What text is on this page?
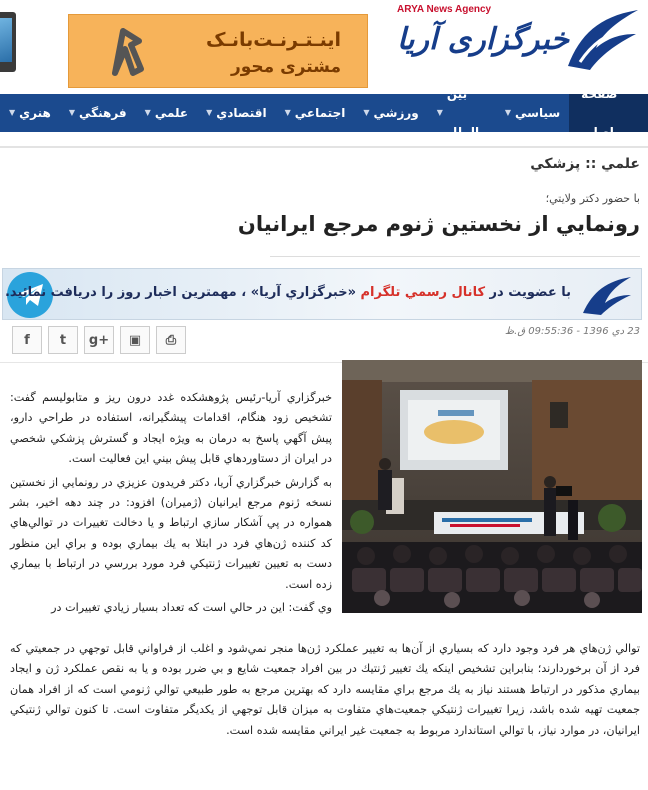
اینـتـرنـت‌بانـک
مشتری محور
ARYA News Agency
خبرگزاری آریا
صفحه اصلی
سياسي
▼
بين الملل
▼
ورزشي
▼
اجتماعي
▼
اقتصادي
▼
علمي
▼
فرهنگي
▼
هنري
▼
علمي :: پزشكي
با حضور دكتر ولايتي؛
رونمايي از نخستين ژنوم مرجع ايرانيان
با عضويت در كانال رسمي تلگرام «خبرگزاري آريا» ، مهمترين اخبار روز را دريافت نمائيد.
f	t	g+	▣	⎙
23 دي 1396 - 09:55:36 ق.ظ

خبرگزاري آريا-رئيس پژوهشكده غدد درون ريز و متابوليسم گفت: تشخيص زود هنگام، اقدامات پيشگيرانه، استفاده در طراحي دارو، پيش آگهي پاسخ به درمان به ويژه ايجاد و گسترش پزشكي شخصي در ايران از دستاوردهاي قابل پيش بيني اين فعاليت است.

به گزارش خبرگزاري آريا، دكتر فريدون عزيزي در رونمايي از نخستين نسخه ژنوم مرجع ايرانيان (ژميران) افزود: در چند دهه اخير، بشر همواره در پي آشكار سازي ارتباط و يا دخالت تغييرات در توالي‌هاي كد كننده ژن‌هاي فرد در ابتلا به يك بيماري بوده و براي اين منظور دست به تعيين تغييرات ژنتيكي فرد مورد بررسي در ارتباط با بيماري زده است.

وي گفت: اين در حالي است كه تعداد بسيار زيادي تغييرات در

توالي ژن‌هاي هر فرد وجود دارد كه بسياري از آن‌ها به تغيير عملكرد ژن‌ها منجر نمي‌شود و اغلب از فراواني قابل توجهي در جمعيتي كه فرد از آن برخوردارند؛ بنابراين تشخيص اينكه يك تغيير ژنتيك در بين افراد جمعيت شايع و بي ضرر بوده و يا به نقص عملكرد ژن و ايجاد بيماري مذكور در ارتباط هستند نياز به يك مرجع براي مقايسه دارد كه بهترين مرجع به طور طبيعي توالي ژنومي است كه از افراد همان جمعيت تهيه شده باشد، زيرا تغييرات ژنتيكي جمعيت‌هاي متفاوت به ميزان قابل توجهي از يكديگر متفاوت است. تا كنون توالي ژنتيكي ايرانيان، در موارد نياز، با توالي استاندارد مربوط به جمعيت غير ايراني مقايسه شده است.
